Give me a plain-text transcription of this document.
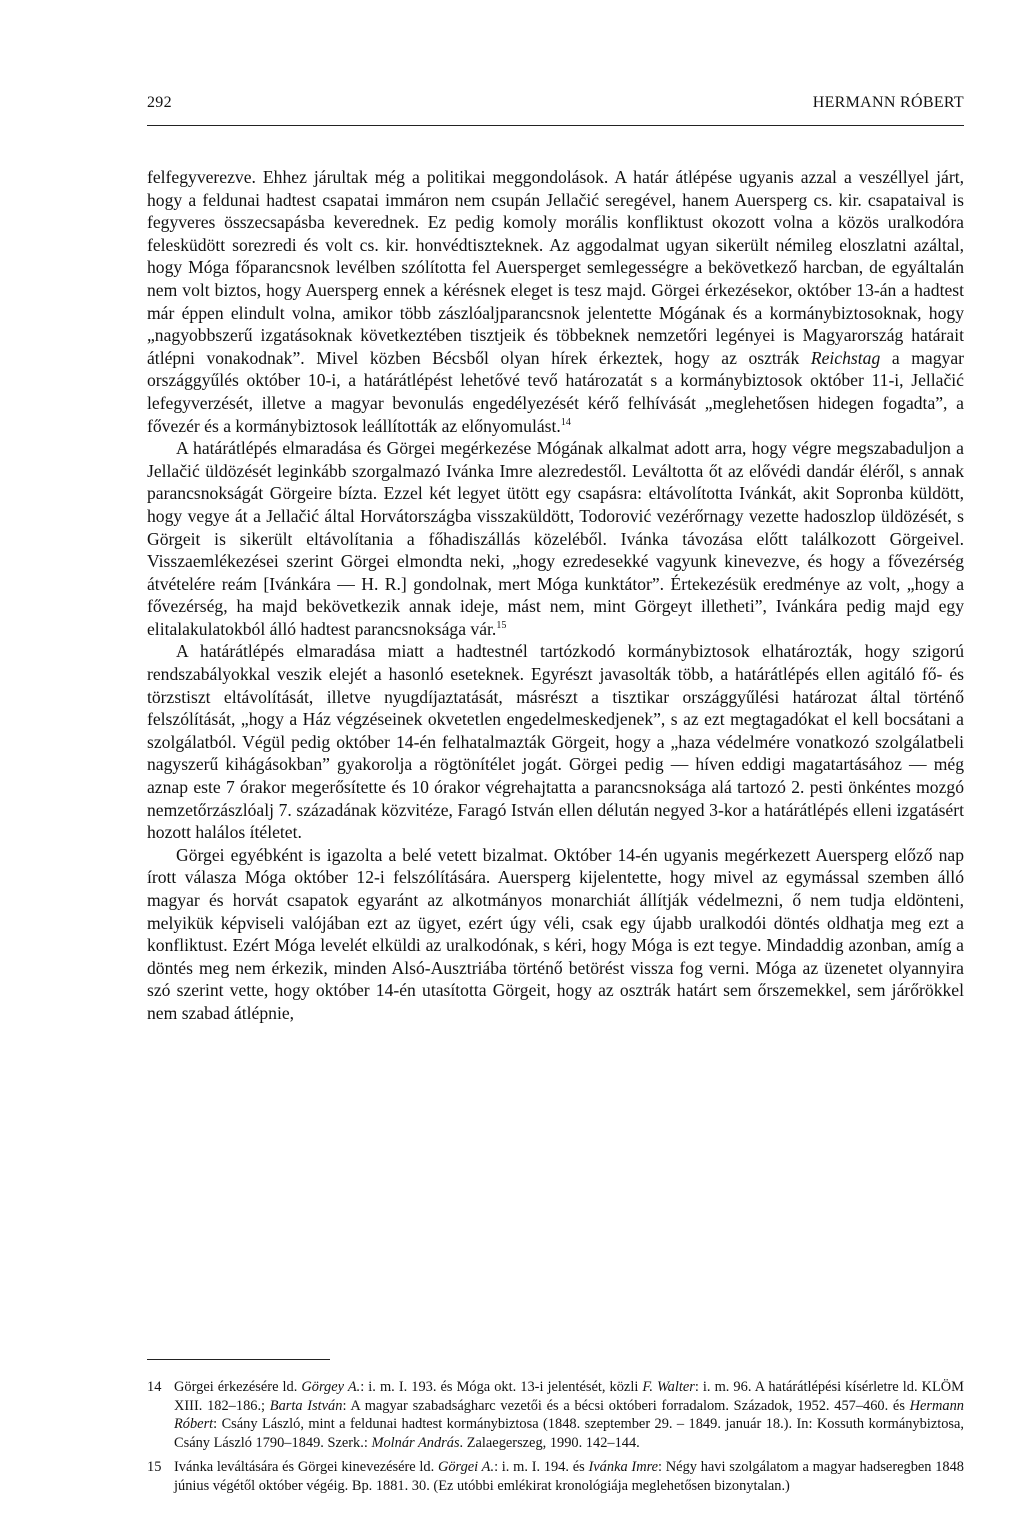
292	HERMANN RÓBERT

felfegyverezve. Ehhez járultak még a politikai meggondolások. A határ átlépése ugyanis azzal a veszéllyel járt, hogy a feldunai hadtest csapatai immáron nem csupán Jellačić seregével, hanem Auersperg cs. kir. csapataival is fegyveres összecsapásba keverednek. Ez pedig komoly morális konfliktust okozott volna a közös uralkodóra felesküdött sorezredi és volt cs. kir. honvédtiszteknek. Az aggodalmat ugyan sikerült némileg eloszlatni azáltal, hogy Móga főparancsnok levélben szólította fel Auersperget semlegességre a bekövetkező harcban, de egyáltalán nem volt biztos, hogy Auersperg ennek a kérésnek eleget is tesz majd. Görgei érkezésekor, október 13-án a hadtest már éppen elindult volna, amikor több zászlóaljparancsnok jelentette Mógának és a kormánybiztosoknak, hogy „nagyobbszerű izgatásoknak következtében tisztjeik és többeknek nemzetőri legényei is Magyarország határait átlépni vonakodnak”. Mivel közben Bécsből olyan hírek érkeztek, hogy az osztrák Reichstag a magyar országgyűlés október 10-i, a határátlépést lehetővé tevő határozatát s a kormánybiztosok október 11-i, Jellačić lefegyverzését, illetve a magyar bevonulás engedélyezését kérő felhívását „meglehetősen hidegen fogadta”, a fővezér és a kormánybiztosok leállították az előnyomulást.$^{14}$

A határátlépés elmaradása és Görgei megérkezése Mógának alkalmat adott arra, hogy végre megszabaduljon a Jellačić üldözését leginkább szorgalmazó Ivánka Imre alezredestől. Leváltotta őt az elővédi dandár éléről, s annak parancsnokságát Görgeire bízta. Ezzel két legyet ütött egy csapásra: eltávolította Ivánkát, akit Sopronba küldött, hogy vegye át a Jellačić által Horvátországba visszaküldött, Todorović vezérőrnagy vezette hadoszlop üldözését, s Görgeit is sikerült eltávolítania a főhadiszállás közeléből. Ivánka távozása előtt találkozott Görgeivel. Visszaemlékezései szerint Görgei elmondta neki, „hogy ezredesekké vagyunk kinevezve, és hogy a fővezérség átvételére reám [Ivánkára — H. R.] gondolnak, mert Móga kunktátor”. Értekezésük eredménye az volt, „hogy a fővezérség, ha majd bekövetkezik annak ideje, mást nem, mint Görgeyt illetheti”, Ivánkára pedig majd egy elitalakulatokból álló hadtest parancsnoksága vár.$^{15}$

A határátlépés elmaradása miatt a hadtestnél tartózkodó kormánybiztosok elhatározták, hogy szigorú rendszabályokkal veszik elejét a hasonló eseteknek. Egyrészt javasolták több, a határátlépés ellen agitáló fő- és törzstiszt eltávolítását, illetve nyugdíjaztatását, másrészt a tisztikar országgyűlési határozat által történő felszólítását, „hogy a Ház végzéseinek okvetetlen engedelmeskedjenek”, s az ezt megtagadókat el kell bocsátani a szolgálatból. Végül pedig október 14-én felhatalmazták Görgeit, hogy a „haza védelmére vonatkozó szolgálatbeli nagyszerű kihágásokban” gyakorolja a rögtönítélet jogát. Görgei pedig — híven eddigi magatartásához — még aznap este 7 órakor megerősítette és 10 órakor végrehajtatta a parancsnoksága alá tartozó 2. pesti önkéntes mozgó nemzetőrzászlóalj 7. századának közvitéze, Faragó István ellen délután negyed 3-kor a határátlépés elleni izgatásért hozott halálos ítéletet.

Görgei egyébként is igazolta a belé vetett bizalmat. Október 14-én ugyanis megérkezett Auersperg előző nap írott válasza Móga október 12-i felszólítására. Auersperg kijelentette, hogy mivel az egymással szemben álló magyar és horvát csapatok egyaránt az alkotmányos monarchiát állítják védelmezni, ő nem tudja eldönteni, melyikük képviseli valójában ezt az ügyet, ezért úgy véli, csak egy újabb uralkodói döntés oldhatja meg ezt a konfliktust. Ezért Móga levelét elküldi az uralkodónak, s kéri, hogy Móga is ezt tegye. Mindaddig azonban, amíg a döntés meg nem érkezik, minden Alsó-Ausztriába történő betörést vissza fog verni. Móga az üzenetet olyannyira szó szerint vette, hogy október 14-én utasította Görgeit, hogy az osztrák határt sem őrszemekkel, sem járőrökkel nem szabad átlépnie,

14 Görgei érkezésére ld. Görgey A.: i. m. I. 193. és Móga okt. 13-i jelentését, közli F. Walter: i. m. 96. A határátlépési kísérletre ld. KLÖM XIII. 182–186.; Barta István: A magyar szabadságharc vezetői és a bécsi októberi forradalom. Századok, 1952. 457–460. és Hermann Róbert: Csány László, mint a feldunai hadtest kormánybiztosa (1848. szeptember 29. – 1849. január 18.). In: Kossuth kormánybiztosa, Csány László 1790–1849. Szerk.: Molnár András. Zalaegerszeg, 1990. 142–144.
15 Ivánka leváltására és Görgei kinevezésére ld. Görgei A.: i. m. I. 194. és Ivánka Imre: Négy havi szolgálatom a magyar hadseregben 1848 június végétől október végéig. Bp. 1881. 30. (Ez utóbbi emlékirat kronológiája meglehetősen bizonytalan.)
